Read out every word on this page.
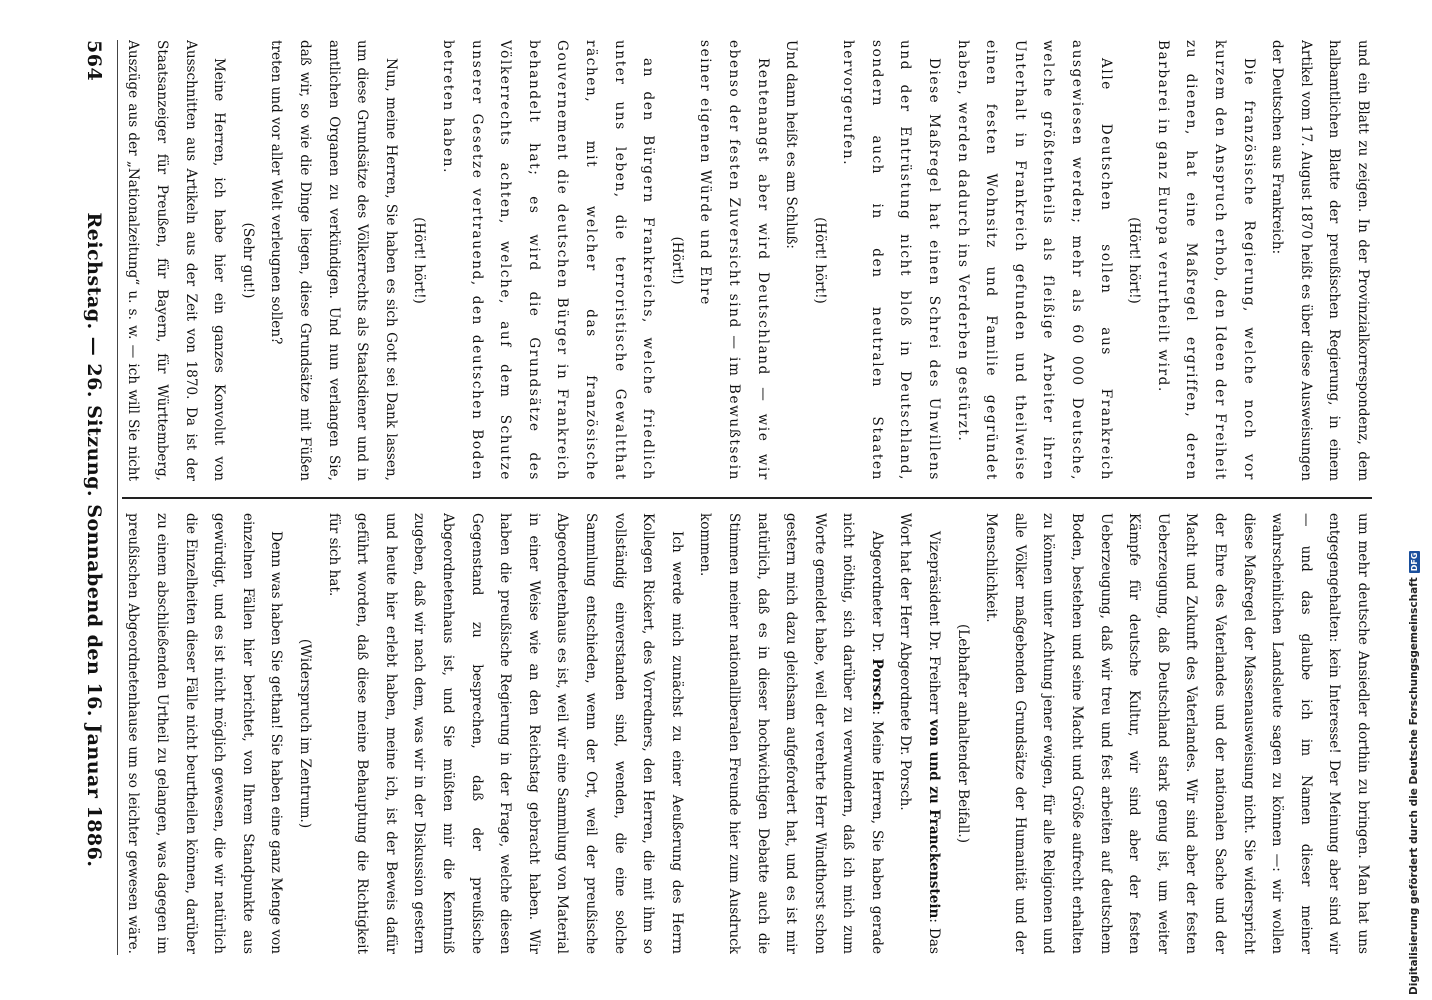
und ein Blatt zu zeigen. In der Provinzialkorrespondenz, dem halbamtlichen Blatte der preußischen Regierung, in einem Artikel vom 17. August 1870 heißt es über diese Ausweisungen der Deutschen aus Frankreich:

Die französische Regierung, welche noch vor kurzem den Anspruch erhob, den Ideen der Freiheit zu dienen, hat eine Maßregel ergriffen, deren Barbarei in ganz Europa verurtheilt wird.

(Hört! hört!)

Alle Deutschen sollen aus Frankreich ausgewiesen werden; mehr als 60 000 Deutsche, welche größtentheils als fleißige Arbeiter ihren Unterhalt in Frankreich gefunden und theilweise einen festen Wohnsitz und Familie gegründet haben, werden dadurch ins Verderben gestürzt.

Diese Maßregel hat einen Schrei des Unwillens und der Entrüstung nicht bloß in Deutschland, sondern auch in den neutralen Staaten hervorgerufen.

(Hört! hört!)

Und dann heißt es am Schluß:

Rentenangst aber wird Deutschland — wie wir ebenso der festen Zuversicht sind — im Bewußtsein seiner eigenen Würde und Ehre

(Hört!)

an den Bürgern Frankreichs, welche friedlich unter uns leben, die terroristische Gewaltthat rächen, mit welcher das französische Gouvernement die deutschen Bürger in Frankreich behandelt hat; es wird die Grundsätze des Völkerrechts achten, welche, auf dem Schutze unserer Gesetze vertrauend, den deutschen Boden betreten haben.

(Hört! hört!)

Nun, meine Herren, Sie haben es sich Gott sei Dank lassen, um diese Grundsätze des Völkerrechts als Staatsdiener und in amtlichen Organen zu verkündigen. Und nun verlangen Sie, daß wir, so wie die Dinge liegen, diese Grundsätze mit Füßen treten und vor aller Welt verleugnen sollen?

(Sehr gut!)

Meine Herren, ich habe hier ein ganzes Konvolut von Ausschnitten aus Artikeln aus der Zeit von 1870. Da ist der Staatsanzeiger für Preußen, für Bayern, für Württemberg, Auszüge aus der „Nationalzeitung“ u. s. w. — ich will Sie nicht

um mehr deutsche Ansiedler dorthin zu bringen. Man hat uns entgegengehalten: kein Interesse! Der Meinung aber sind wir — und das glaube ich im Namen dieser meiner wahrscheinlichen Landsleute sagen zu können —: wir wollen diese Maßregel der Massenausweisung nicht. Sie widerspricht der Ehre des Vaterlandes und der nationalen Sache und der Macht und Zukunft des Vaterlandes. Wir sind aber der festen Ueberzeugung, daß Deutschland stark genug ist, um weiter Kämpfe für deutsche Kultur, wir sind aber der festen Ueberzeugung, daß wir treu und fest arbeiten auf deutschem Boden, bestehen und seine Macht und Größe aufrecht erhalten zu können unter Achtung jener ewigen, für alle Religionen und alle Völker maßgebenden Grundsätze der Humanität und der Menschlichkeit.

(Lebhafter anhaltender Beifall.)

Vizepräsident Dr. Freiherr von und zu Franckenstein: Das Wort hat der Herr Abgeordnete Dr. Porsch.

Abgeordneter Dr. Porsch: Meine Herren, Sie haben gerade nicht nöthig, sich darüber zu verwundern, daß ich mich zum Worte gemeldet habe, weil der verehrte Herr Windthorst schon gestern mich dazu gleichsam aufgefordert hat, und es ist mir natürlich, daß es in dieser hochwichtigen Debatte auch die Stimmen meiner nationalliberalen Freunde hier zum Ausdruck kommen.

Ich werde mich zunächst zu einer Aeußerung des Herrn Kollegen Rickert, des Vorredners, den Herren, die mit ihm so vollständig einverstanden sind, wenden, die eine solche Sammlung entschieden, wenn der Ort, weil der preußische Abgeordnetenhaus es ist, weil wir eine Sammlung von Material in einer Weise wie an den Reichstag gebracht haben. Wir haben die preußische Regierung in der Frage, welche diesen Gegenstand zu besprechen, daß der preußische Abgeordnetenhaus ist, und Sie müßten mir die Kenntniß zugeben, daß wir nach dem, was wir in der Diskussion gestern und heute hier erlebt haben, meine ich, ist der Beweis dafür geführt worden, daß diese meine Behauptung die Richtigkeit für sich hat.

(Widerspruch im Zentrum.)

Denn was haben Sie gethan! Sie haben eine ganz Menge von einzelnen Fällen hier berichtet, von Ihrem Standpunkte aus gewürdigt, und es ist nicht möglich gewesen, die wir natürlich die Einzelheiten dieser Fälle nicht beurtheilen können, darüber zu einem abschließenden Urtheil zu gelangen, was dagegen im preußischen Abgeordnetenhause um so leichter gewesen wäre.

564
Reichstag. — 26. Sitzung. Sonnabend den 16. Januar 1886.	Digitalisierung gefördert durch die Deutsche Forschungsgemeinschaft
DFG
